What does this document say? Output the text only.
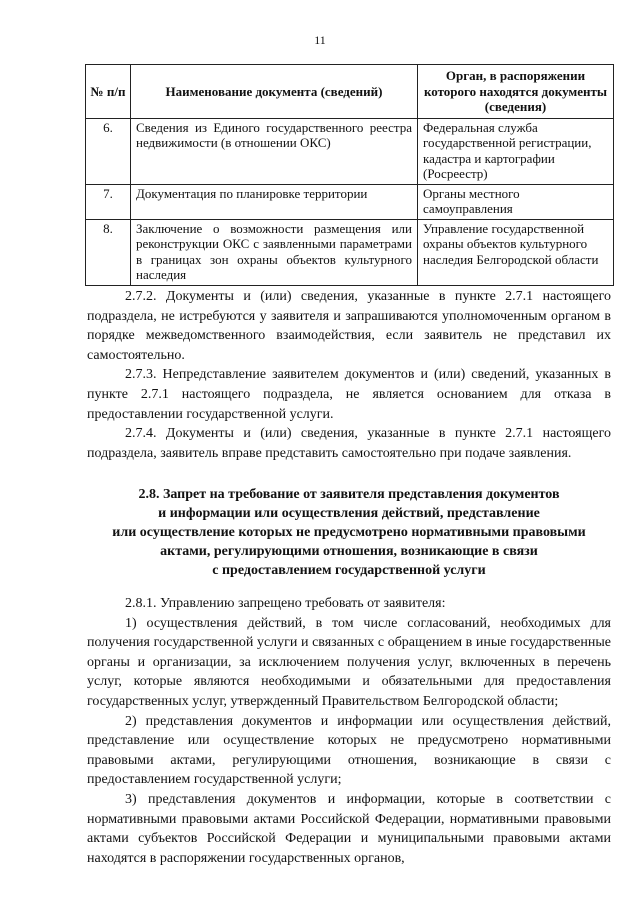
11
№ п/п	Наименование документа (сведений)	Орган, в распоряжении которого находятся документы (сведения)
6.	Сведения из Единого государственного реестра недвижимости (в отношении ОКС)	Федеральная служба государственной регистрации, кадастра и картографии (Росреестр)
7.	Документация по планировке территории	Органы местного самоуправления
8.	Заключение о возможности размещения или реконструкции ОКС с заявленными параметрами в границах зон охраны объектов культурного наследия	Управление государственной охраны объектов культурного наследия Белгородской области

2.7.2. Документы и (или) сведения, указанные в пункте 2.7.1 настоящего подраздела, не истребуются у заявителя и запрашиваются уполномоченным органом в порядке межведомственного взаимодействия, если заявитель не представил их самостоятельно.

2.7.3. Непредставление заявителем документов и (или) сведений, указанных в пункте 2.7.1 настоящего подраздела, не является основанием для отказа в предоставлении государственной услуги.

2.7.4. Документы и (или) сведения, указанные в пункте 2.7.1 настоящего подраздела, заявитель вправе представить самостоятельно при подаче заявления.

2.8. Запрет на требование от заявителя представления документов
и информации или осуществления действий, представление
или осуществление которых не предусмотрено нормативными правовыми
актами, регулирующими отношения, возникающие в связи
с предоставлением государственной услуги

2.8.1. Управлению запрещено требовать от заявителя:

1) осуществления действий, в том числе согласований, необходимых для получения государственной услуги и связанных с обращением в иные государственные органы и организации, за исключением получения услуг, включенных в перечень услуг, которые являются необходимыми и обязательными для предоставления государственных услуг, утвержденный Правительством Белгородской области;

2) представления документов и информации или осуществления действий, представление или осуществление которых не предусмотрено нормативными правовыми актами, регулирующими отношения, возникающие в связи с предоставлением государственной услуги;

3) представления документов и информации, которые в соответствии с нормативными правовыми актами Российской Федерации, нормативными правовыми актами субъектов Российской Федерации и муниципальными правовыми актами находятся в распоряжении государственных органов,
